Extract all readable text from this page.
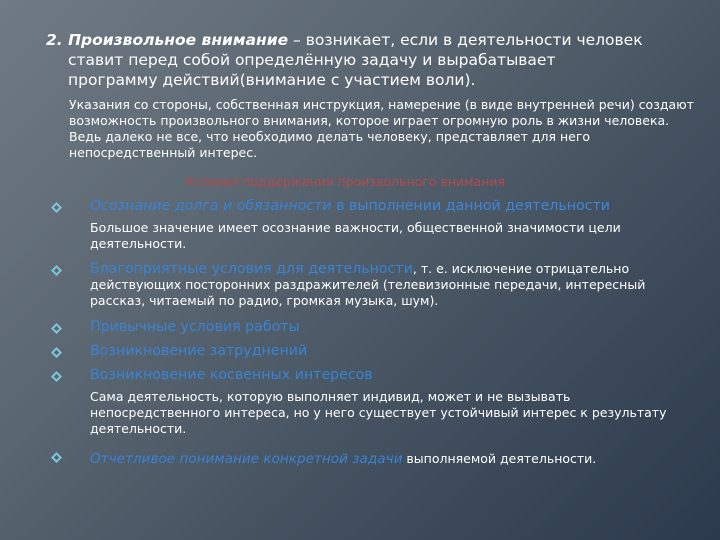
2. Произвольное внимание – возникает, если в деятельности человек
ставит перед собой определённую задачу и вырабатывает
программу действий(внимание с участием воли).
Указания со стороны, собственная инструкция, намерение (в виде внутренней речи) создают возможность произвольного внимания, которое играет огромную роль в жизни человека. Ведь далеко не все, что необходимо делать человеку, представляет для него непосредственный интерес.
Условия поддержания произвольного внимания
Осознание долга и обязанности в выполнении данной деятельности
Большое значение имеет осознание важности, общественной значимости цели деятельности.
Благоприятные условия для деятельности, т. е. исключение отрицательно действующих посторонних раздражителей (телевизионные передачи, интересный рассказ, читаемый по радио, громкая музыка, шум).
Привычные условия работы
Возникновение затруднений
Возникновение косвенных интересов
Сама деятельность, которую выполняет индивид, может и не вызывать непосредственного интереса, но у него существует устойчивый интерес к результату деятельности.
Отчетливое понимание конкретной задачи выполняемой деятельности.
